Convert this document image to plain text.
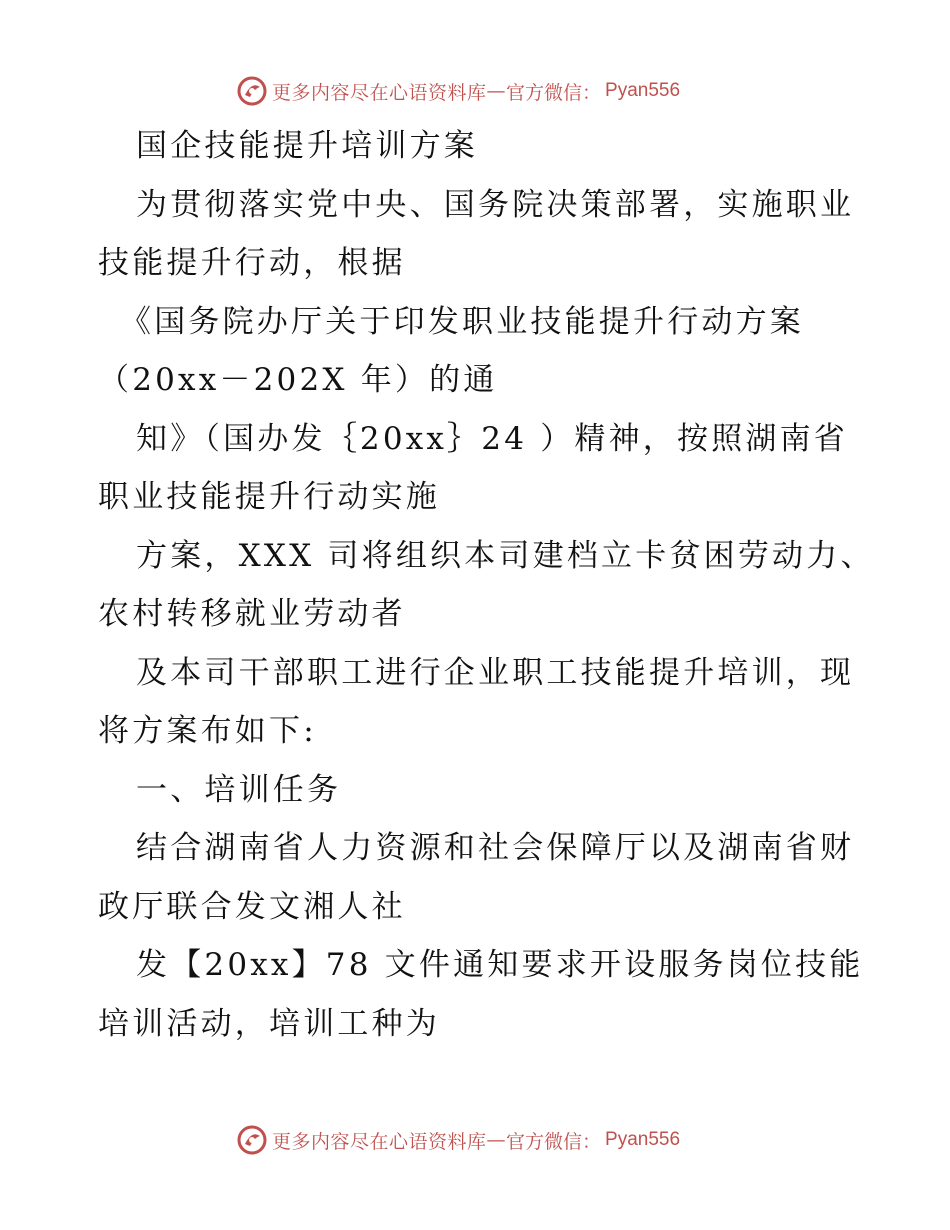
更多内容尽在心语资料库 — 官方微信： Pyan556
国企技能提升培训方案
为贯彻落实党中央、国务院决策部署，实施职业
技能提升行动，根据
《国务院办厅关于印发职业技能提升行动方案
（20xx－202X 年）的通
知》（国办发｛20xx｝24 ）精神，按照湖南省
职业技能提升行动实施
方案，XXX 司将组织本司建档立卡贫困劳动力、
农村转移就业劳动者
及本司干部职工进行企业职工技能提升培训，现
将方案布如下:
一、培训任务
结合湖南省人力资源和社会保障厅以及湖南省财
政厅联合发文湘人社
发【20xx】78 文件通知要求开设服务岗位技能
培训活动，培训工种为
更多内容尽在心语资料库 — 官方微信： Pyan556
